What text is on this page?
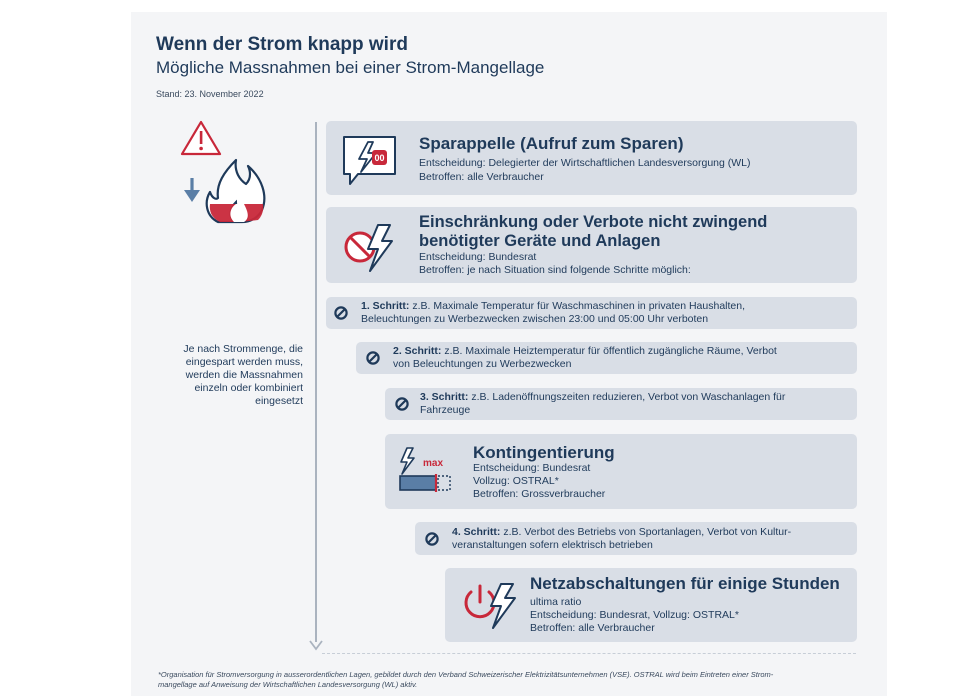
Wenn der Strom knapp wird
Mögliche Massnahmen bei einer Strom-Mangellage
Stand: 23. November 2022
Je nach Strommenge, die eingespart werden muss, werden die Massnahmen einzeln oder kombiniert eingesetzt
00
Sparappelle (Aufruf zum Sparen)
Entscheidung: Delegierter der Wirtschaftlichen Landesversorgung (WL)
Betroffen: alle Verbraucher
Einschränkung oder Verbote nicht zwingend
benötigter Geräte und Anlagen
Entscheidung: Bundesrat
Betroffen: je nach Situation sind folgende Schritte möglich:
1. Schritt: z.B. Maximale Temperatur für Waschmaschinen in privaten Haushalten,
Beleuchtungen zu Werbezwecken zwischen 23:00 und 05:00 Uhr verboten
2. Schritt: z.B. Maximale Heiztemperatur für öffentlich zugängliche Räume, Verbot
von Beleuchtungen zu Werbezwecken
3. Schritt: z.B. Ladenöffnungszeiten reduzieren, Verbot von Waschanlagen für
Fahrzeuge
max
Kontingentierung
Entscheidung: Bundesrat
Vollzug: OSTRAL*
Betroffen: Grossverbraucher
4. Schritt: z.B. Verbot des Betriebs von Sportanlagen, Verbot von Kultur-
veranstaltungen sofern elektrisch betrieben
Netzabschaltungen für einige Stunden
ultima ratio
Entscheidung: Bundesrat, Vollzug: OSTRAL*
Betroffen: alle Verbraucher
*Organisation für Stromversorgung in ausserordentlichen Lagen, gebildet durch den Verband Schweizerischer Elektrizitätsunternehmen (VSE). OSTRAL wird beim Eintreten einer Strom-
mangellage auf Anweisung der Wirtschaftlichen Landesversorgung (WL) aktiv.
